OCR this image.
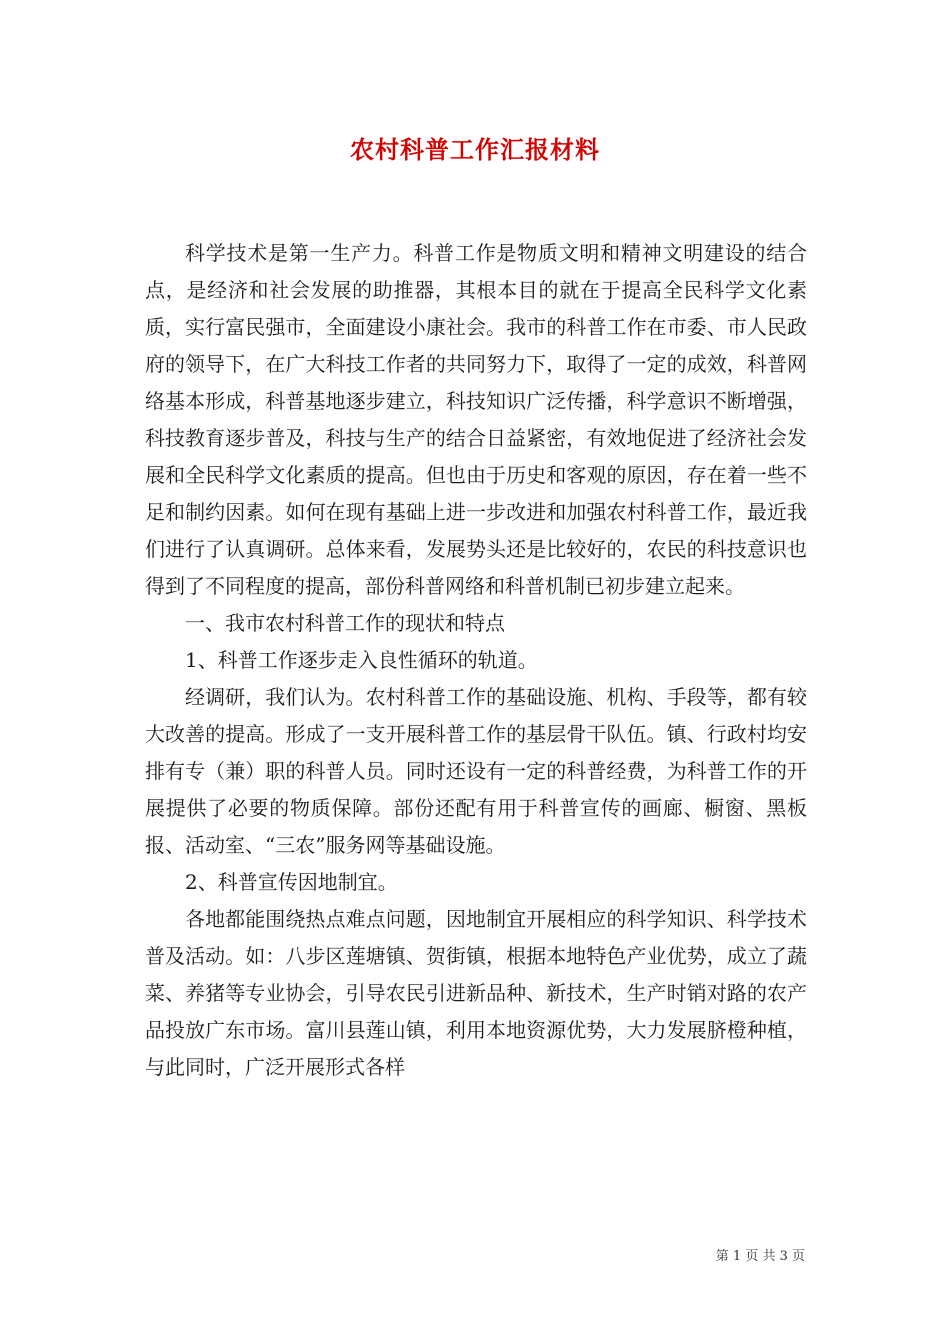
农村科普工作汇报材料

科学技术是第一生产力。科普工作是物质文明和精神文明建设的结合点，是经济和社会发展的助推器，其根本目的就在于提高全民科学文化素质，实行富民强市，全面建设小康社会。我市的科普工作在市委、市人民政府的领导下，在广大科技工作者的共同努力下，取得了一定的成效，科普网络基本形成，科普基地逐步建立，科技知识广泛传播，科学意识不断增强，科技教育逐步普及，科技与生产的结合日益紧密，有效地促进了经济社会发展和全民科学文化素质的提高。但也由于历史和客观的原因，存在着一些不足和制约因素。如何在现有基础上进一步改进和加强农村科普工作，最近我们进行了认真调研。总体来看，发展势头还是比较好的，农民的科技意识也得到了不同程度的提高，部份科普网络和科普机制已初步建立起来。

一、我市农村科普工作的现状和特点

1、科普工作逐步走入良性循环的轨道。

经调研，我们认为。农村科普工作的基础设施、机构、手段等，都有较大改善的提高。形成了一支开展科普工作的基层骨干队伍。镇、行政村均安排有专（兼）职的科普人员。同时还设有一定的科普经费，为科普工作的开展提供了必要的物质保障。部份还配有用于科普宣传的画廊、橱窗、黑板报、活动室、“三农”服务网等基础设施。

2、科普宣传因地制宜。

各地都能围绕热点难点问题，因地制宜开展相应的科学知识、科学技术普及活动。如：八步区莲塘镇、贺街镇，根据本地特色产业优势，成立了蔬菜、养猪等专业协会，引导农民引进新品种、新技术，生产时销对路的农产品投放广东市场。富川县莲山镇，利用本地资源优势，大力发展脐橙种植，与此同时，广泛开展形式各样

第 1 页 共 3 页
